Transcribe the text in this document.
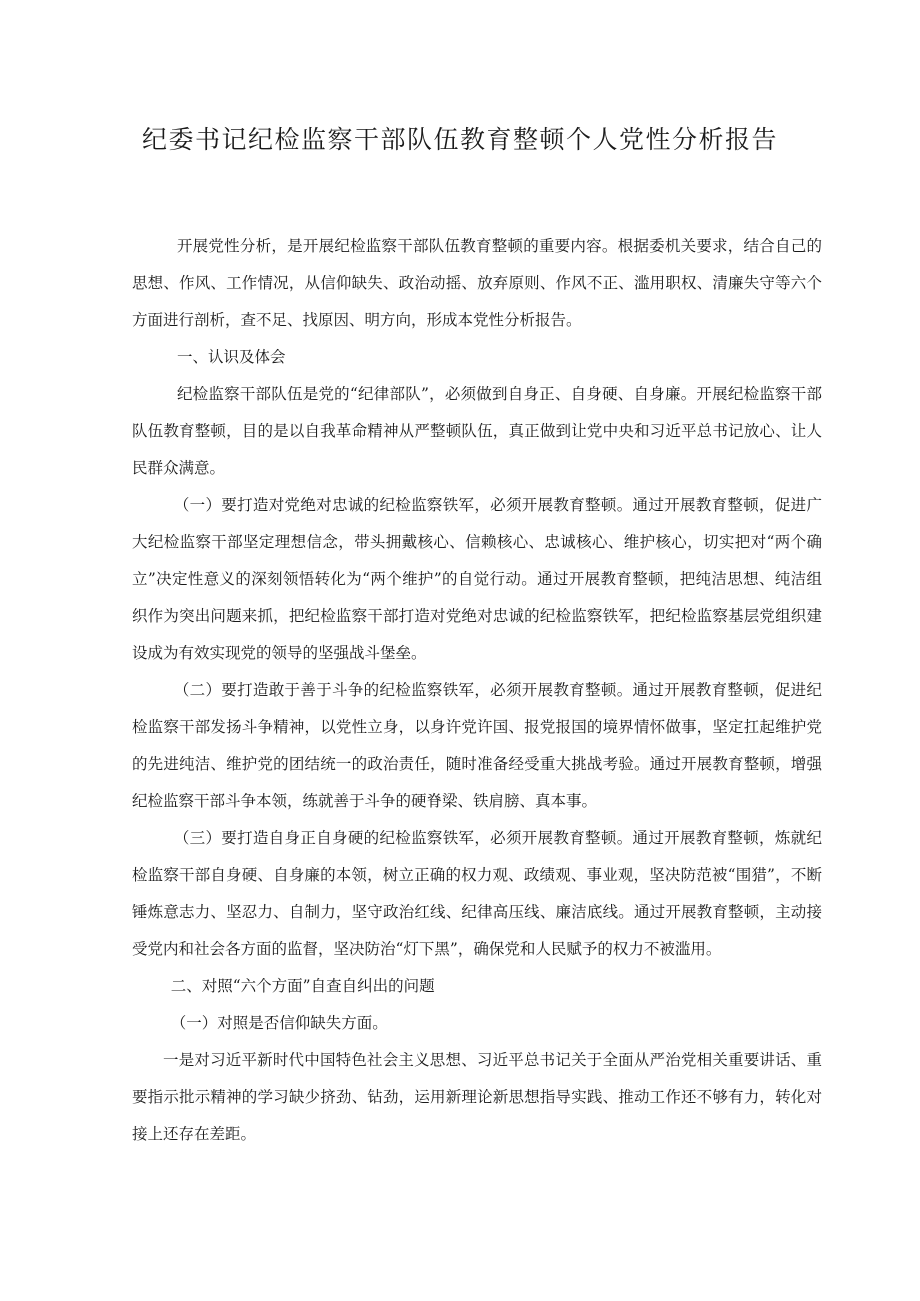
纪委书记纪检监察干部队伍教育整顿个人党性分析报告

开展党性分析，是开展纪检监察干部队伍教育整顿的重要内容。根据委机关要求，结合自己的思想、作风、工作情况，从信仰缺失、政治动摇、放弃原则、作风不正、滥用职权、清廉失守等六个方面进行剖析，查不足、找原因、明方向，形成本党性分析报告。

一、认识及体会

纪检监察干部队伍是党的“纪律部队”，必须做到自身正、自身硬、自身廉。开展纪检监察干部队伍教育整顿，目的是以自我革命精神从严整顿队伍，真正做到让党中央和习近平总书记放心、让人民群众满意。

（一）要打造对党绝对忠诚的纪检监察铁军，必须开展教育整顿。通过开展教育整顿，促进广大纪检监察干部坚定理想信念，带头拥戴核心、信赖核心、忠诚核心、维护核心，切实把对“两个确立”决定性意义的深刻领悟转化为“两个维护”的自觉行动。通过开展教育整顿，把纯洁思想、纯洁组织作为突出问题来抓，把纪检监察干部打造对党绝对忠诚的纪检监察铁军，把纪检监察基层党组织建设成为有效实现党的领导的坚强战斗堡垒。

（二）要打造敢于善于斗争的纪检监察铁军，必须开展教育整顿。通过开展教育整顿，促进纪检监察干部发扬斗争精神，以党性立身，以身许党许国、报党报国的境界情怀做事，坚定扛起维护党的先进纯洁、维护党的团结统一的政治责任，随时准备经受重大挑战考验。通过开展教育整顿，增强纪检监察干部斗争本领，练就善于斗争的硬脊梁、铁肩膀、真本事。

（三）要打造自身正自身硬的纪检监察铁军，必须开展教育整顿。通过开展教育整顿，炼就纪检监察干部自身硬、自身廉的本领，树立正确的权力观、政绩观、事业观，坚决防范被“围猎”，不断锤炼意志力、坚忍力、自制力，坚守政治红线、纪律高压线、廉洁底线。通过开展教育整顿，主动接受党内和社会各方面的监督，坚决防治“灯下黑”，确保党和人民赋予的权力不被滥用。

二、对照“六个方面”自查自纠出的问题

（一）对照是否信仰缺失方面。

一是对习近平新时代中国特色社会主义思想、习近平总书记关于全面从严治党相关重要讲话、重要指示批示精神的学习缺少挤劲、钻劲，运用新理论新思想指导实践、推动工作还不够有力，转化对接上还存在差距。
